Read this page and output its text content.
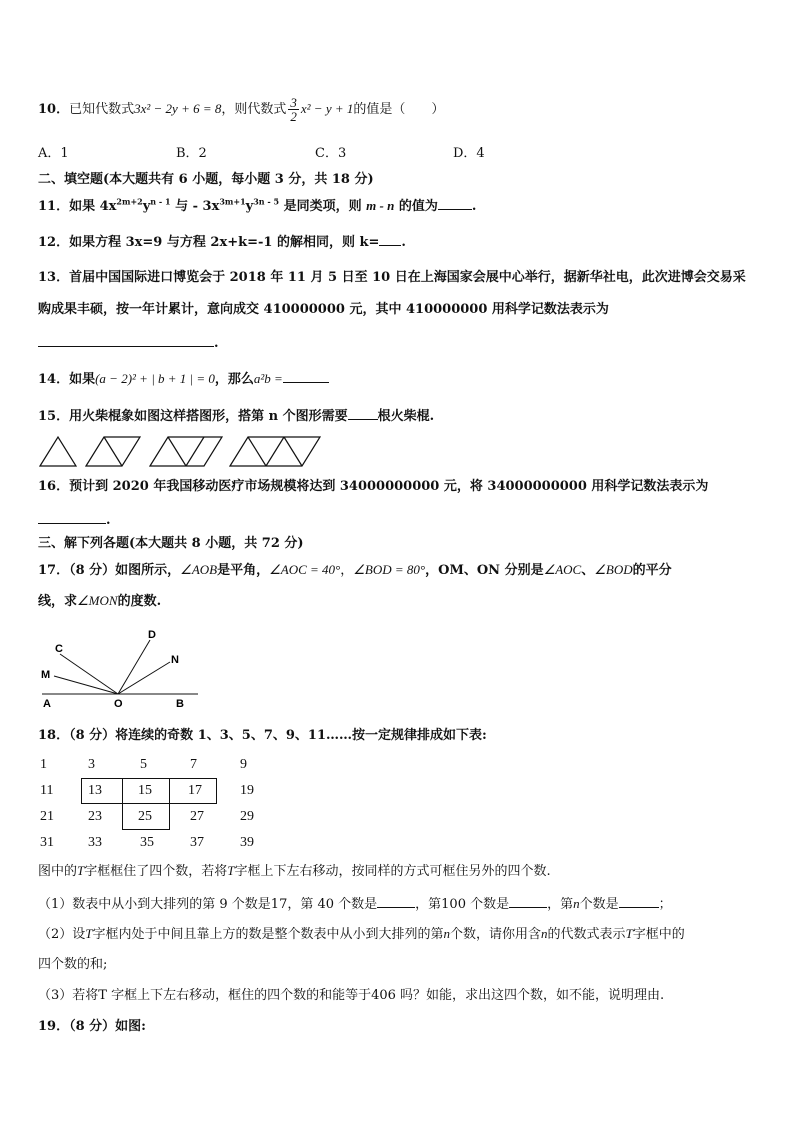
10．已知代数式3x² − 2y + 6 = 8，则代数式 $\frac{3}{2} x^2 - y + 1$的值是（　　）
A．1	B．2	C．3	D．4
二、填空题(本大题共有 6 小题，每小题 3 分，共 18 分)
11．如果 $4x^{2m+2}y^{n - 1}$ 与 - $3x^{3m+1}y^{3n - 5}$ 是同类项，则 m - n 的值为	.
12．如果方程 3x=9 与方程 2x+k=-1 的解相同，则 k= .
13．首届中国国际进口博览会于 2018 年 11 月 5 日至 10 日在上海国家会展中心举行，据新华社电，此次进博会交易采
购成果丰硕，按一年计累计，意向成交 410000000 元，其中 410000000 用科学记数法表示为
.
14．如果(a − 2)² + | b + 1 | = 0，那么a²b =
15．用火柴棍象如图这样搭图形，搭第 n 个图形需要 根火柴棍.
16．预计到 2020 年我国移动医疗市场规模将达到 34000000000 元，将 34000000000 用科学记数法表示为
.
三、解下列各题(本大题共 8 小题，共 72 分)
17．（8 分）如图所示，∠AOB是平角，∠AOC = 40°，∠BOD = 80°，OM、ON 分别是∠AOC、∠BOD的平分
线，求∠MON的度数.
C
D
N
M
A	O	B
18．（8 分）将连续的奇数 1、3、5、7、9、11……按一定规律排成如下表:
1	3	5	7	9
11	13	15	17	19
21	23	25	27	29
31	33	35	37	39
图中的T字框框住了四个数，若将T字框上下左右移动，按同样的方式可框住另外的四个数.
（1）数表中从小到大排列的第 9 个数是17，第 40 个数是	，第100 个数是	，第n个数是	；
（2）设T字框内处于中间且靠上方的数是整个数表中从小到大排列的第n个数，请你用含n的代数式表示T字框中的
四个数的和;
（3）若将T 字框上下左右移动，框住的四个数的和能等于406 吗？如能，求出这四个数，如不能，说明理由.
19．（8 分）如图:
